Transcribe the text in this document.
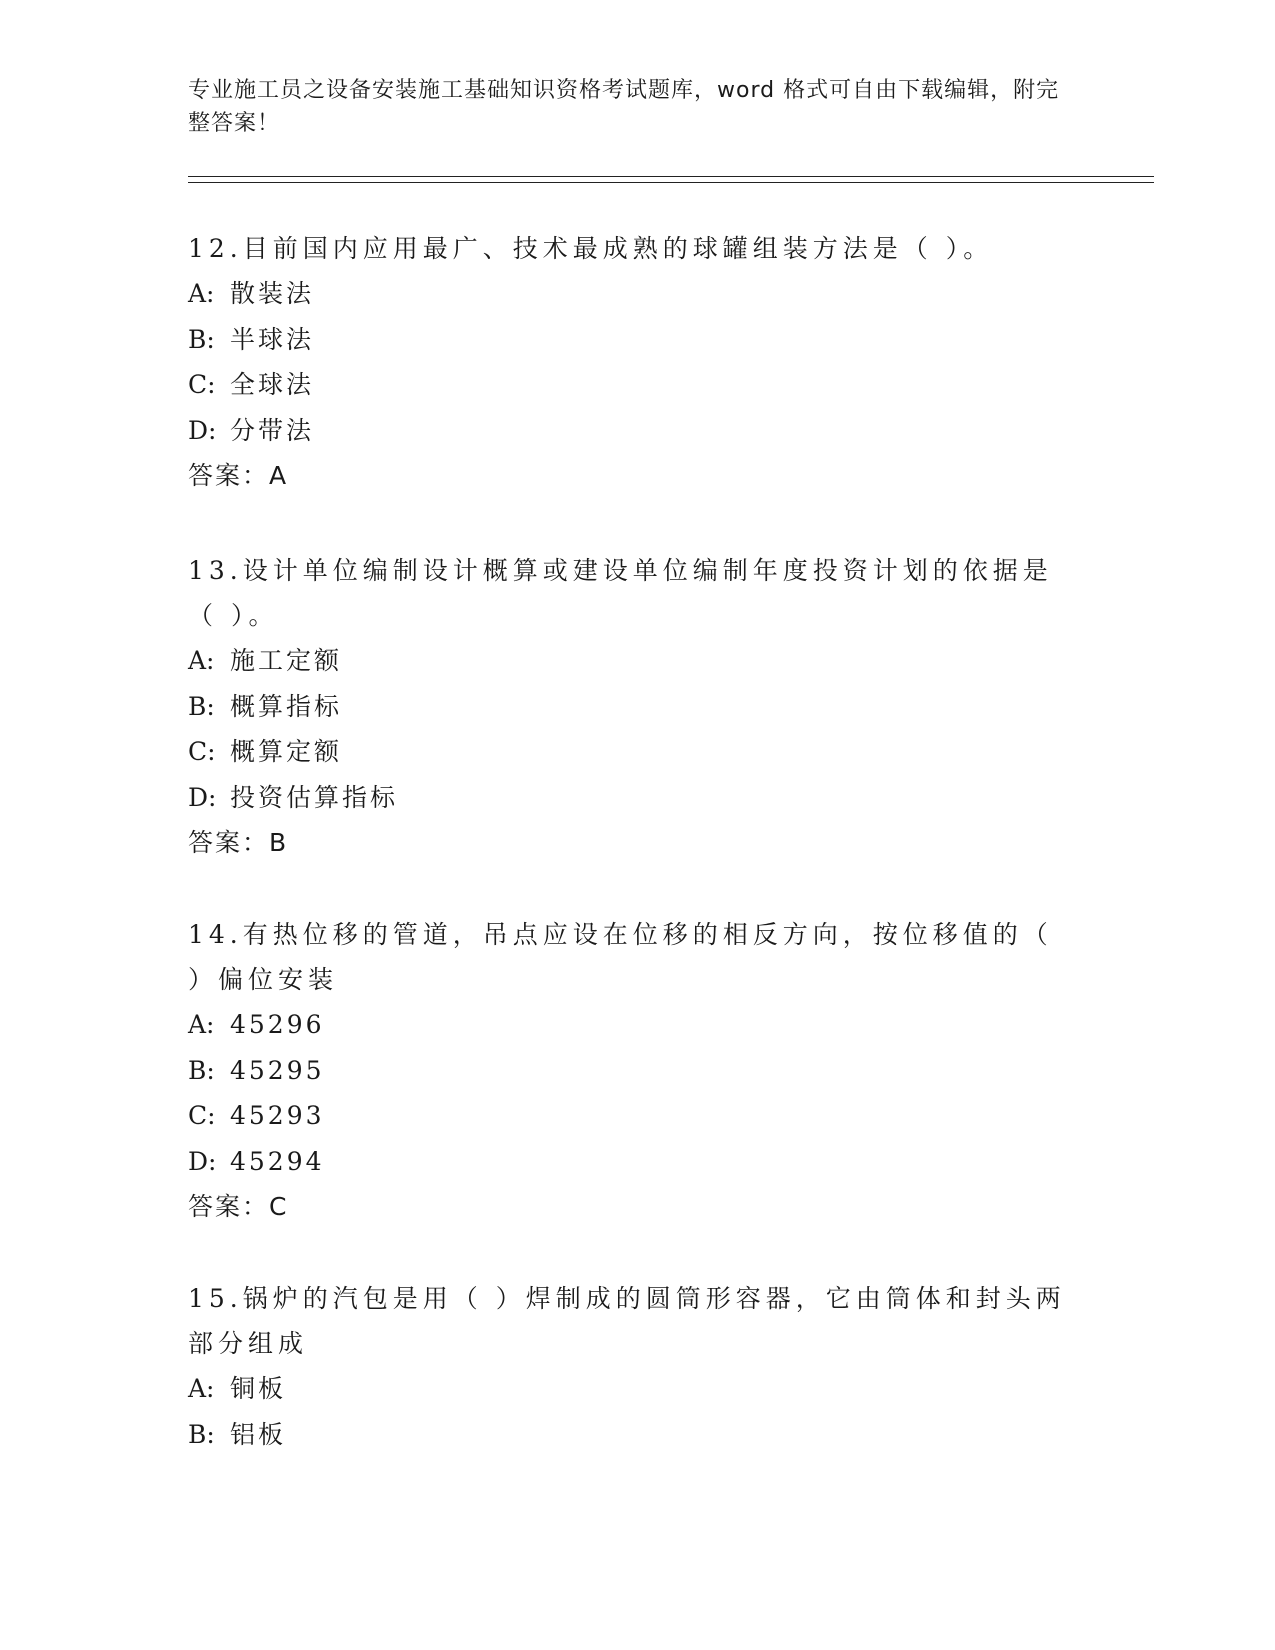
专业施工员之设备安装施工基础知识资格考试题库，word 格式可自由下载编辑，附完整答案！

12.目前国内应用最广、技术最成熟的球罐组装方法是（ ）。

A: 散装法

B: 半球法

C: 全球法

D: 分带法

答案：A

13.设计单位编制设计概算或建设单位编制年度投资计划的依据是（ ）。

A: 施工定额

B: 概算指标

C: 概算定额

D: 投资估算指标

答案：B

14.有热位移的管道，吊点应设在位移的相反方向，按位移值的（ ）偏位安装

A: 45296

B: 45295

C: 45293

D: 45294

答案：C

15.锅炉的汽包是用（ ）焊制成的圆筒形容器，它由筒体和封头两部分组成

A: 铜板

B: 铝板
